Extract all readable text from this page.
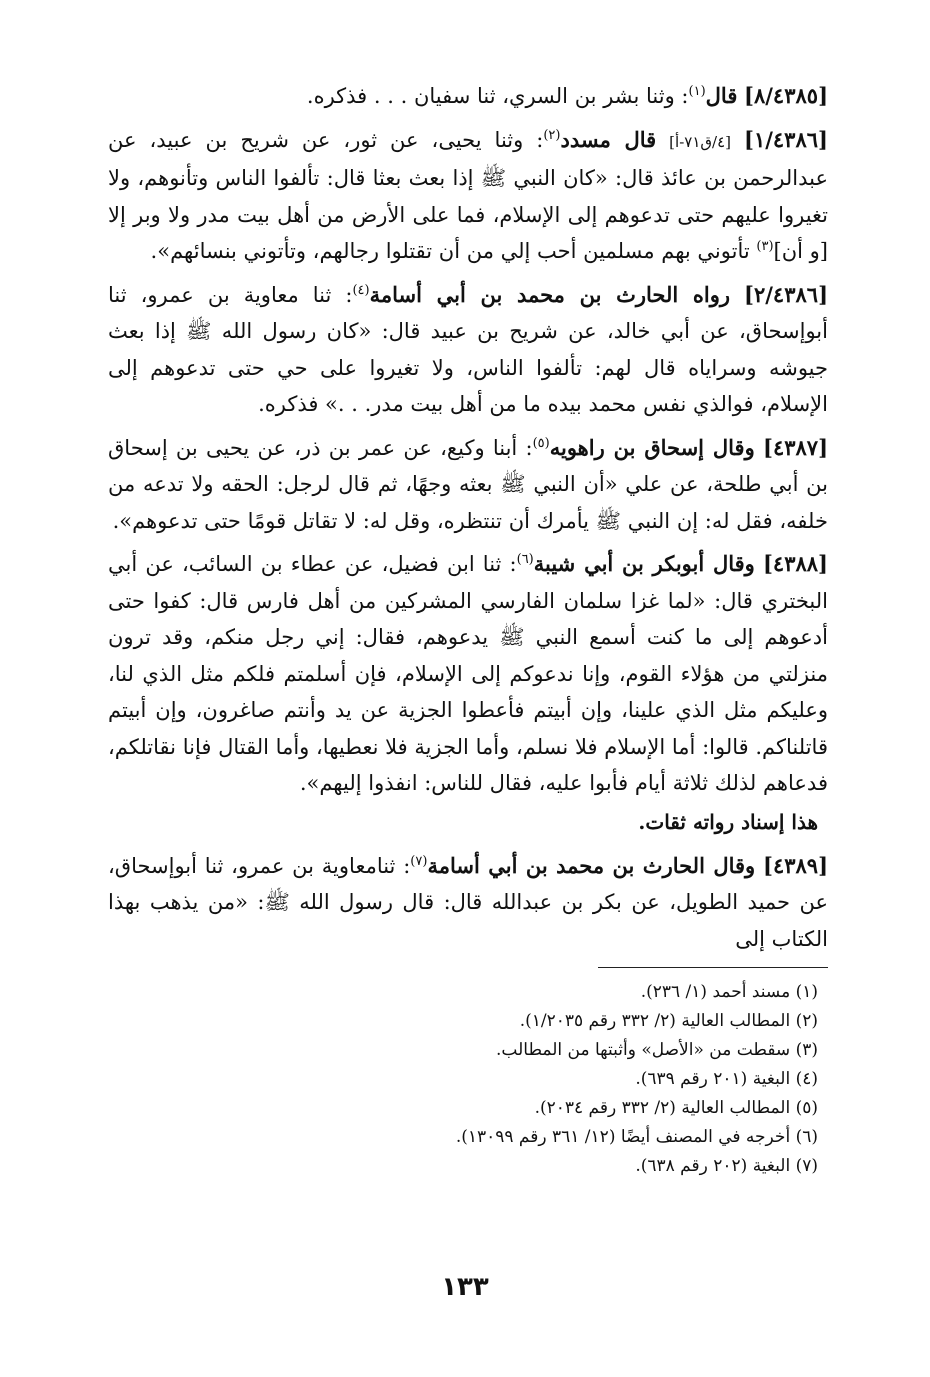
[٨/٤٣٨٥] قال$^{(١)}$: وثنا بشر بن السري، ثنا سفيان . . . فذكره.

[١/٤٣٨٦] [٤/ق٧١-أ] قال مسدد$^{(٢)}$: وثنا يحيى، عن ثور، عن شريح بن عبيد، عن عبدالرحمن بن عائذ قال: «كان النبي ﷺ إذا بعث بعثا قال: تألفوا الناس وتأنوهم، ولا تغيروا عليهم حتى تدعوهم إلى الإسلام، فما على الأرض من أهل بيت مدر ولا وبر إلا [و أن]$^{(٣)}$ تأتوني بهم مسلمين أحب إلي من أن تقتلوا رجالهم، وتأتوني بنسائهم».

[٢/٤٣٨٦] رواه الحارث بن محمد بن أبي أسامة$^{(٤)}$: ثنا معاوية بن عمرو، ثنا أبوإسحاق، عن أبي خالد، عن شريح بن عبيد قال: «كان رسول الله ﷺ إذا بعث جيوشه وسراياه قال لهم: تألفوا الناس، ولا تغيروا على حي حتى تدعوهم إلى الإسلام، فوالذي نفس محمد بيده ما من أهل بيت مدر. . .» فذكره.

[٤٣٨٧] وقال إسحاق بن راهويه$^{(٥)}$: أبنا وكيع، عن عمر بن ذر، عن يحيى بن إسحاق بن أبي طلحة، عن علي «أن النبي ﷺ بعثه وجهًا، ثم قال لرجل: الحقه ولا تدعه من خلفه، فقل له: إن النبي ﷺ يأمرك أن تنتظره، وقل له: لا تقاتل قومًا حتى تدعوهم».

[٤٣٨٨] وقال أبوبكر بن أبي شيبة$^{(٦)}$: ثنا ابن فضيل، عن عطاء بن السائب، عن أبي البختري قال: «لما غزا سلمان الفارسي المشركين من أهل فارس قال: كفوا حتى أدعوهم إلى ما كنت أسمع النبي ﷺ يدعوهم، فقال: إني رجل منكم، وقد ترون منزلتي من هؤلاء القوم، وإنا ندعوكم إلى الإسلام، فإن أسلمتم فلكم مثل الذي لنا، وعليكم مثل الذي علينا، وإن أبيتم فأعطوا الجزية عن يد وأنتم صاغرون، وإن أبيتم قاتلناكم. قالوا: أما الإسلام فلا نسلم، وأما الجزية فلا نعطيها، وأما القتال فإنا نقاتلكم، فدعاهم لذلك ثلاثة أيام فأبوا عليه، فقال للناس: انفذوا إليهم».

هذا إسناد رواته ثقات.

[٤٣٨٩] وقال الحارث بن محمد بن أبي أسامة$^{(٧)}$: ثنامعاوية بن عمرو، ثنا أبوإسحاق، عن حميد الطويل، عن بكر بن عبدالله قال: قال رسول الله ﷺ: «من يذهب بهذا الكتاب إلى

(١) مسند أحمد (١/ ٢٣٦).
(٢) المطالب العالية (٢/ ٣٣٢ رقم ١/٢٠٣٥).
(٣) سقطت من «الأصل» وأثبتها من المطالب.
(٤) البغية (٢٠١ رقم ٦٣٩).
(٥) المطالب العالية (٢/ ٣٣٢ رقم ٢٠٣٤).
(٦) أخرجه في المصنف أيضًا (١٢/ ٣٦١ رقم ١٣٠٩٩).
(٧) البغية (٢٠٢ رقم ٦٣٨).
١٣٣
